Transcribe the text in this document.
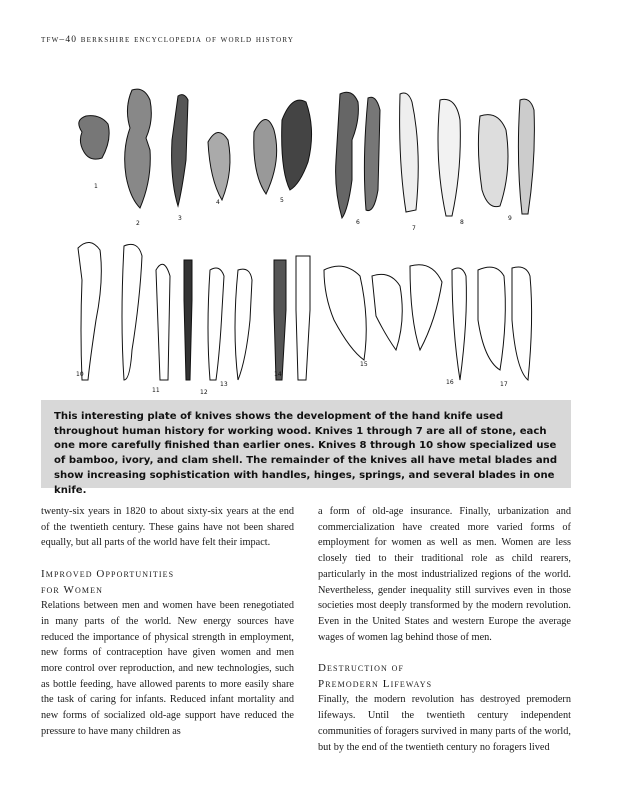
tfw–40 berkshire encyclopedia of world history
1
2
3
4	5
6
7
8
9
10
11	12
13
14
15
16	17
This interesting plate of knives shows the development of the hand knife used throughout human history for working wood. Knives 1 through 7 are all of stone, each one more carefully finished than earlier ones. Knives 8 through 10 show specialized use of bamboo, ivory, and clam shell. The remainder of the knives all have metal blades and show increasing sophistication with handles, hinges, springs, and several blades in one knife.

twenty-six years in 1820 to about sixty-six years at the end of the twentieth century. These gains have not been shared equally, but all parts of the world have felt their impact.

Improved Opportunities
for Women

Relations between men and women have been renegotiated in many parts of the world. New energy sources have reduced the importance of physical strength in employment, new forms of contraception have given women and men more control over reproduction, and new technologies, such as bottle feeding, have allowed parents to more easily share the task of caring for infants. Reduced infant mortality and new forms of socialized old-age support have reduced the pressure to have many children as

a form of old-age insurance. Finally, urbanization and commercialization have created more varied forms of employment for women as well as men. Women are less closely tied to their traditional role as child rearers, particularly in the most industrialized regions of the world. Nevertheless, gender inequality still survives even in those societies most deeply transformed by the modern revolution. Even in the United States and western Europe the average wages of women lag behind those of men.

Destruction of
Premodern Lifeways

Finally, the modern revolution has destroyed premodern lifeways. Until the twentieth century independent communities of foragers survived in many parts of the world, but by the end of the twentieth century no foragers lived
